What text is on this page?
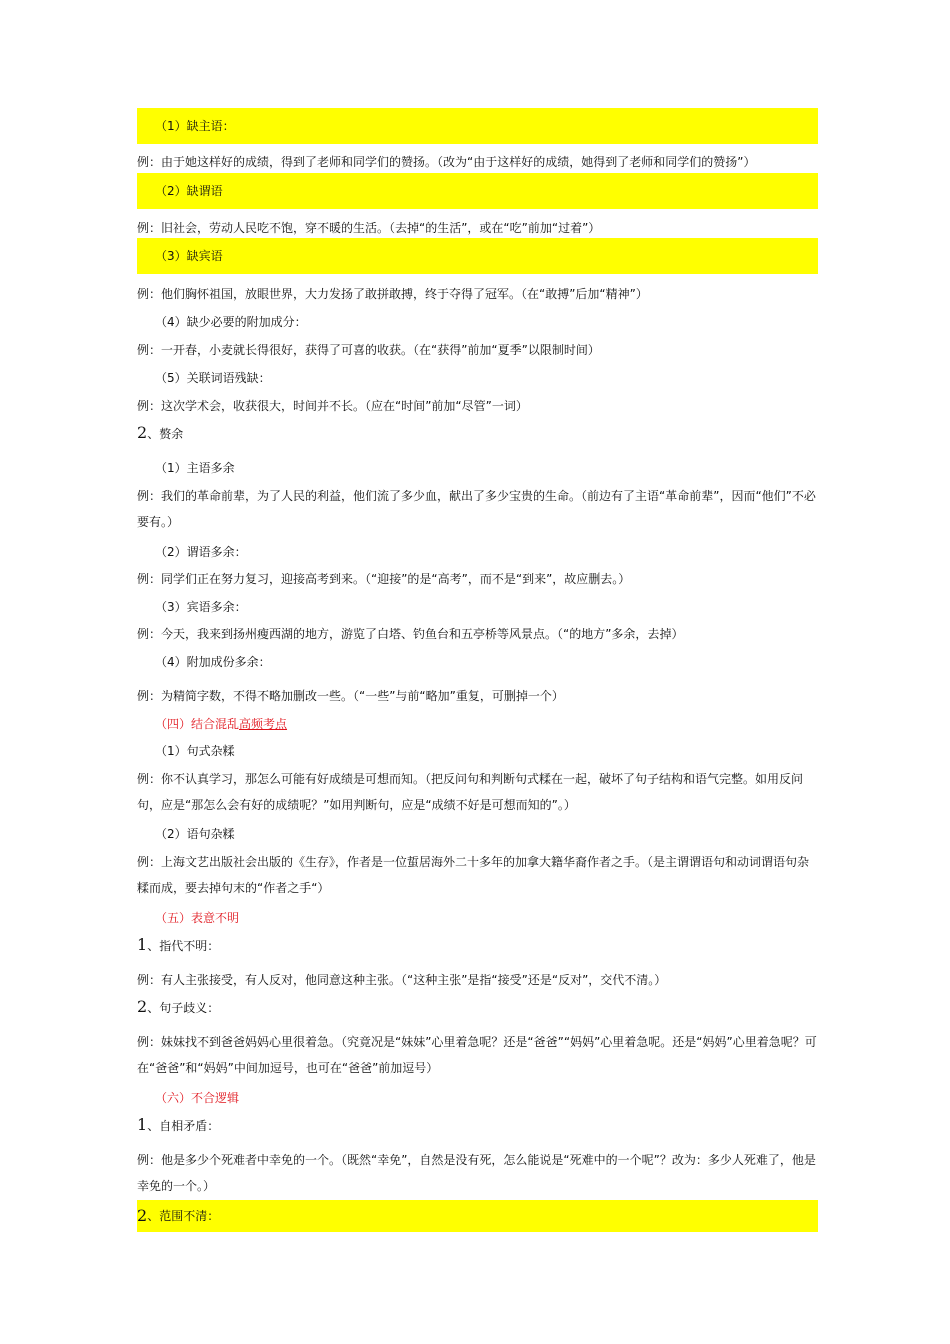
（1）缺主语：
例：由于她这样好的成绩，得到了老师和同学们的赞扬。（改为“由于这样好的成绩，她得到了老师和同学们的赞扬”）
（2）缺谓语
例：旧社会，劳动人民吃不饱，穿不暖的生活。（去掉“的生活”，或在“吃”前加“过着”）
（3）缺宾语
例：他们胸怀祖国，放眼世界，大力发扬了敢拼敢搏，终于夺得了冠军。（在“敢搏”后加“精神”）
（4）缺少必要的附加成分：
例：一开春，小麦就长得很好，获得了可喜的收获。（在“获得”前加“夏季”以限制时间）
（5）关联词语残缺：
例：这次学术会，收获很大，时间并不长。（应在“时间”前加“尽管”一词）
2、赘余
（1）主语多余
例：我们的革命前辈，为了人民的利益，他们流了多少血，献出了多少宝贵的生命。（前边有了主语“革命前辈”，因而“他们”不必要有。）
（2）谓语多余：
例：同学们正在努力复习，迎接高考到来。（“迎接”的是“高考”，而不是“到来”，故应删去。）
（3）宾语多余：
例：今天，我来到扬州瘦西湖的地方，游览了白塔、钓鱼台和五亭桥等风景点。（“的地方”多余，去掉）
（4）附加成份多余：
例：为精简字数，不得不略加删改一些。（“一些”与前“略加”重复，可删掉一个）
（四）结合混乱高频考点
（1）句式杂糅
例：你不认真学习，那怎么可能有好成绩是可想而知。（把反问句和判断句式糅在一起，破坏了句子结构和语气完整。如用反问句，应是“那怎么会有好的成绩呢？”如用判断句，应是“成绩不好是可想而知的”。）
（2）语句杂糅
例：上海文艺出版社会出版的《生存》，作者是一位蜇居海外二十多年的加拿大籍华裔作者之手。（是主谓谓语句和动词谓语句杂糅而成，要去掉句末的“作者之手“）
（五）表意不明
1、指代不明：
例：有人主张接受，有人反对，他同意这种主张。（“这种主张”是指“接受”还是“反对”，交代不清。）
2、句子歧义：
例：妹妹找不到爸爸妈妈心里很着急。（究竟况是“妹妹”心里着急呢？还是“爸爸”“妈妈”心里着急呢。还是“妈妈”心里着急呢？可在“爸爸”和“妈妈”中间加逗号，也可在“爸爸”前加逗号）
（六）不合逻辑
1、自相矛盾：
例：他是多少个死难者中幸免的一个。（既然“幸免”，自然是没有死，怎么能说是“死难中的一个呢”？改为：多少人死难了，他是幸免的一个。）
2 、范围不清：
